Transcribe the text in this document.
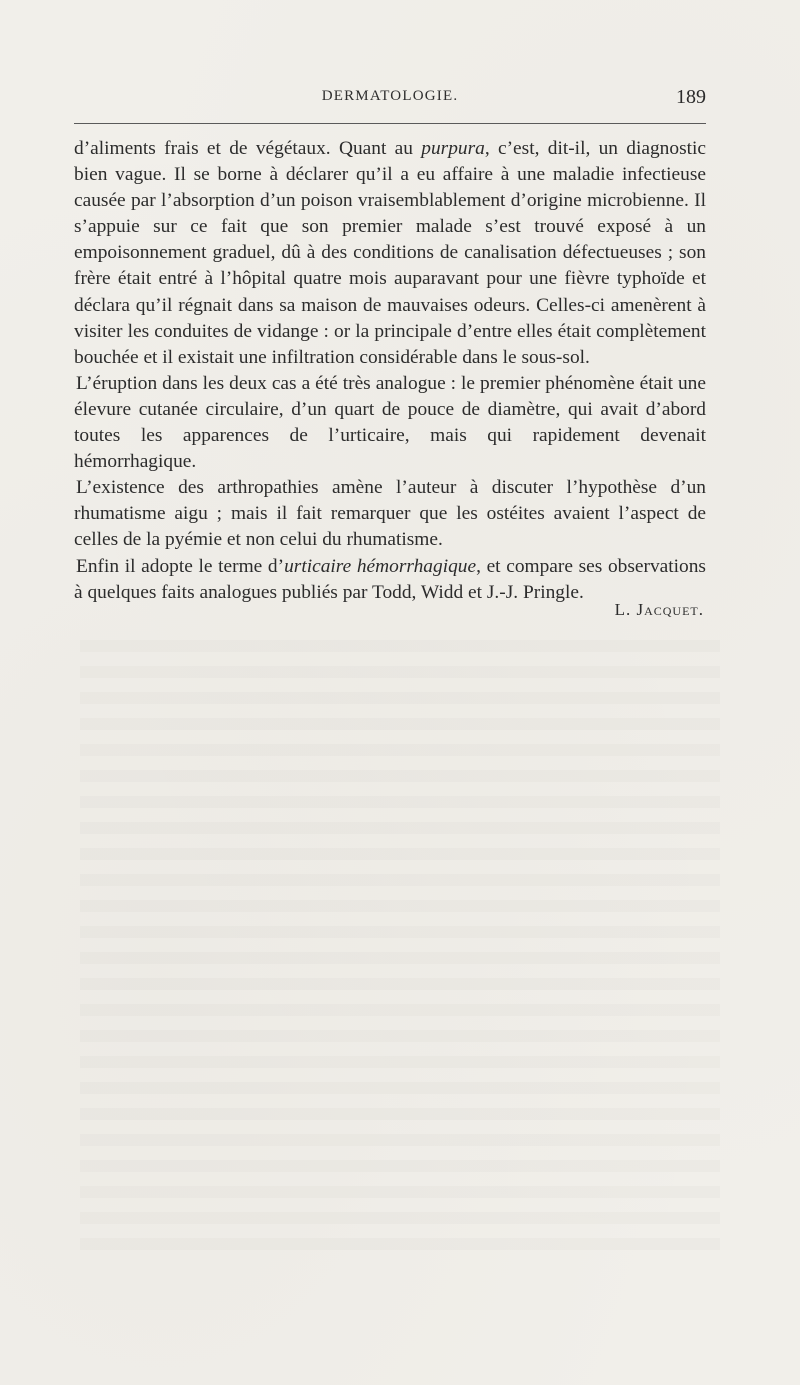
DERMATOLOGIE.	189

d’aliments frais et de végétaux. Quant au purpura, c’est, dit-il, un diagnostic bien vague. Il se borne à déclarer qu’il a eu affaire à une maladie infectieuse causée par l’absorption d’un poison vraisemblablement d’origine microbienne. Il s’appuie sur ce fait que son premier malade s’est trouvé exposé à un empoisonnement graduel, dû à des conditions de canalisation défectueuses ; son frère était entré à l’hôpital quatre mois auparavant pour une fièvre typhoïde et déclara qu’il régnait dans sa maison de mauvaises odeurs. Celles-ci amenèrent à visiter les conduites de vidange : or la principale d’entre elles était complètement bouchée et il existait une infiltration considérable dans le sous-sol.

L’éruption dans les deux cas a été très analogue : le premier phénomène était une élevure cutanée circulaire, d’un quart de pouce de diamètre, qui avait d’abord toutes les apparences de l’urticaire, mais qui rapidement devenait hémorrhagique.

L’existence des arthropathies amène l’auteur à discuter l’hypothèse d’un rhumatisme aigu ; mais il fait remarquer que les ostéites avaient l’aspect de celles de la pyémie et non celui du rhumatisme.

Enfin il adopte le terme d’urticaire hémorrhagique, et compare ses observations à quelques faits analogues publiés par Todd, Widd et J.-J. Pringle.

L. Jacquet.
